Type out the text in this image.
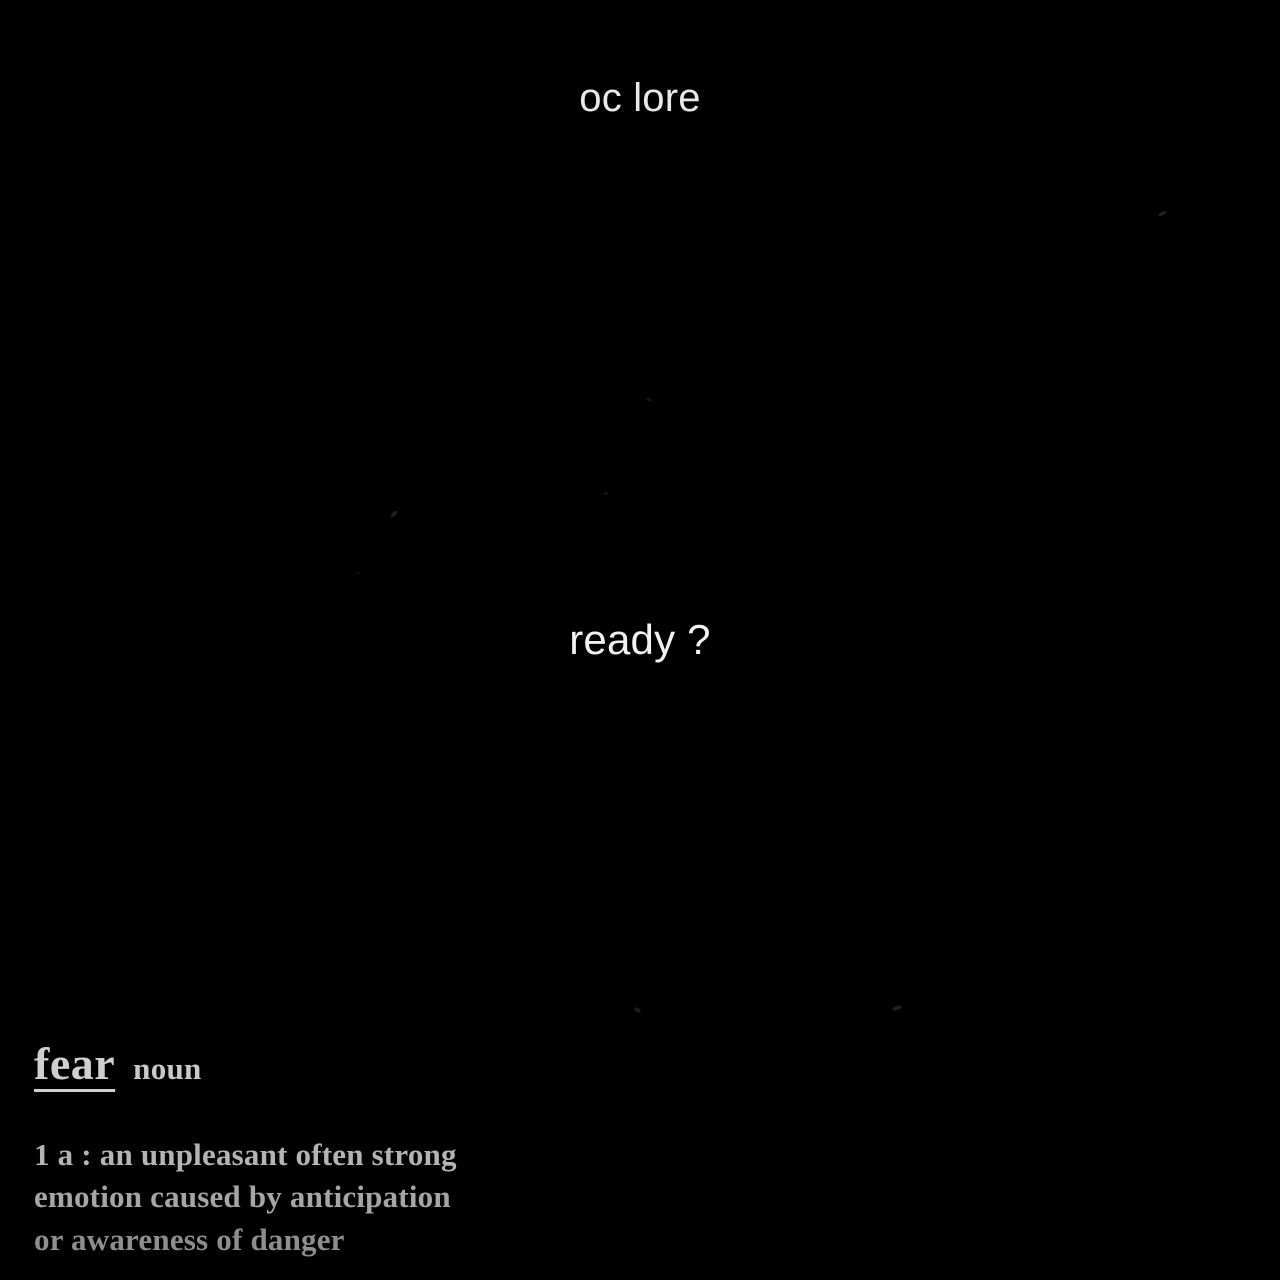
oc lore
ready ?
fear noun
1 a : an unpleasant often strong
emotion caused by anticipation
or awareness of danger
